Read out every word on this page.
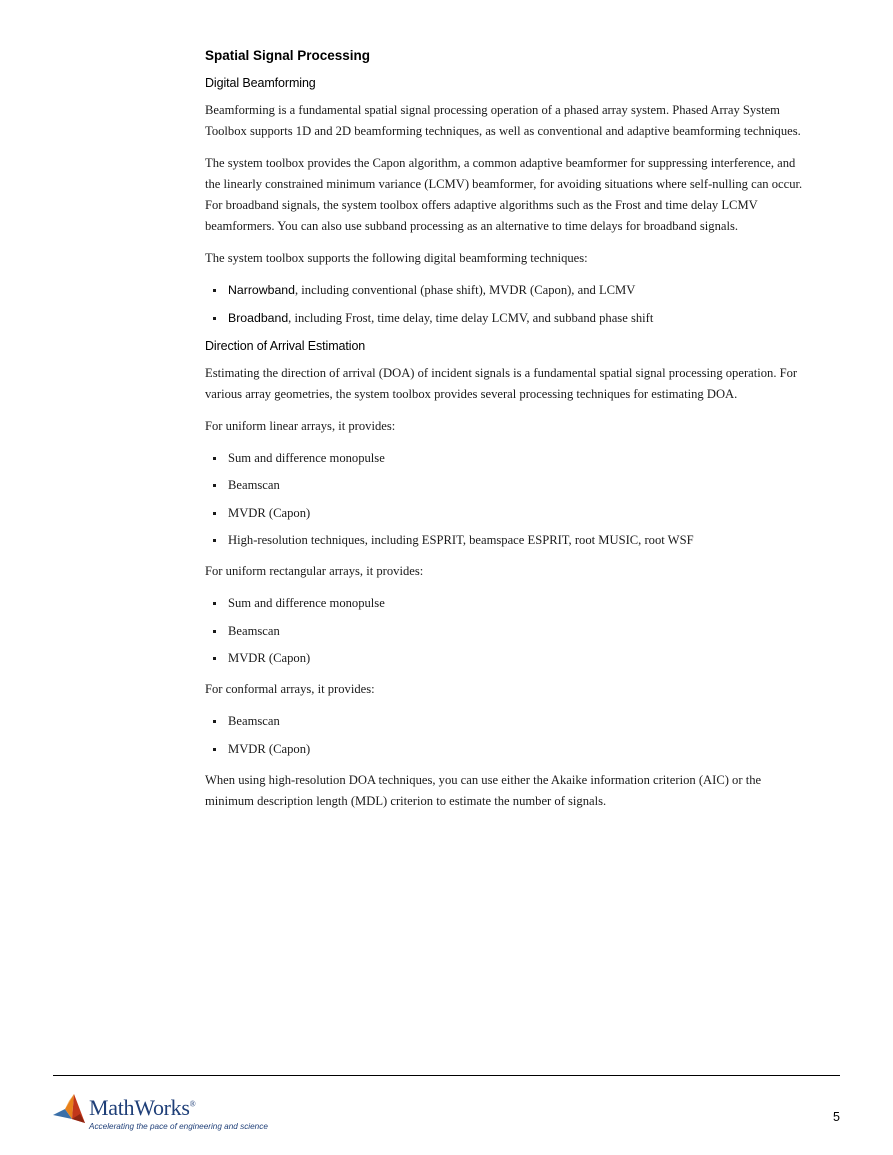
Spatial Signal Processing
Digital Beamforming

Beamforming is a fundamental spatial signal processing operation of a phased array system. Phased Array System Toolbox supports 1D and 2D beamforming techniques, as well as conventional and adaptive beamforming techniques.

The system toolbox provides the Capon algorithm, a common adaptive beamformer for suppressing interference, and the linearly constrained minimum variance (LCMV) beamformer, for avoiding situations where self-nulling can occur. For broadband signals, the system toolbox offers adaptive algorithms such as the Frost and time delay LCMV beamformers. You can also use subband processing as an alternative to time delays for broadband signals.

The system toolbox supports the following digital beamforming techniques:

Narrowband, including conventional (phase shift), MVDR (Capon), and LCMV
Broadband, including Frost, time delay, time delay LCMV, and subband phase shift
Direction of Arrival Estimation

Estimating the direction of arrival (DOA) of incident signals is a fundamental spatial signal processing operation. For various array geometries, the system toolbox provides several processing techniques for estimating DOA.

For uniform linear arrays, it provides:

Sum and difference monopulse
Beamscan
MVDR (Capon)
High-resolution techniques, including ESPRIT, beamspace ESPRIT, root MUSIC, root WSF

For uniform rectangular arrays, it provides:

Sum and difference monopulse
Beamscan
MVDR (Capon)

For conformal arrays, it provides:

Beamscan
MVDR (Capon)

When using high-resolution DOA techniques, you can use either the Akaike information criterion (AIC) or the minimum description length (MDL) criterion to estimate the number of signals.

MathWorks®
Accelerating the pace of engineering and science
5
